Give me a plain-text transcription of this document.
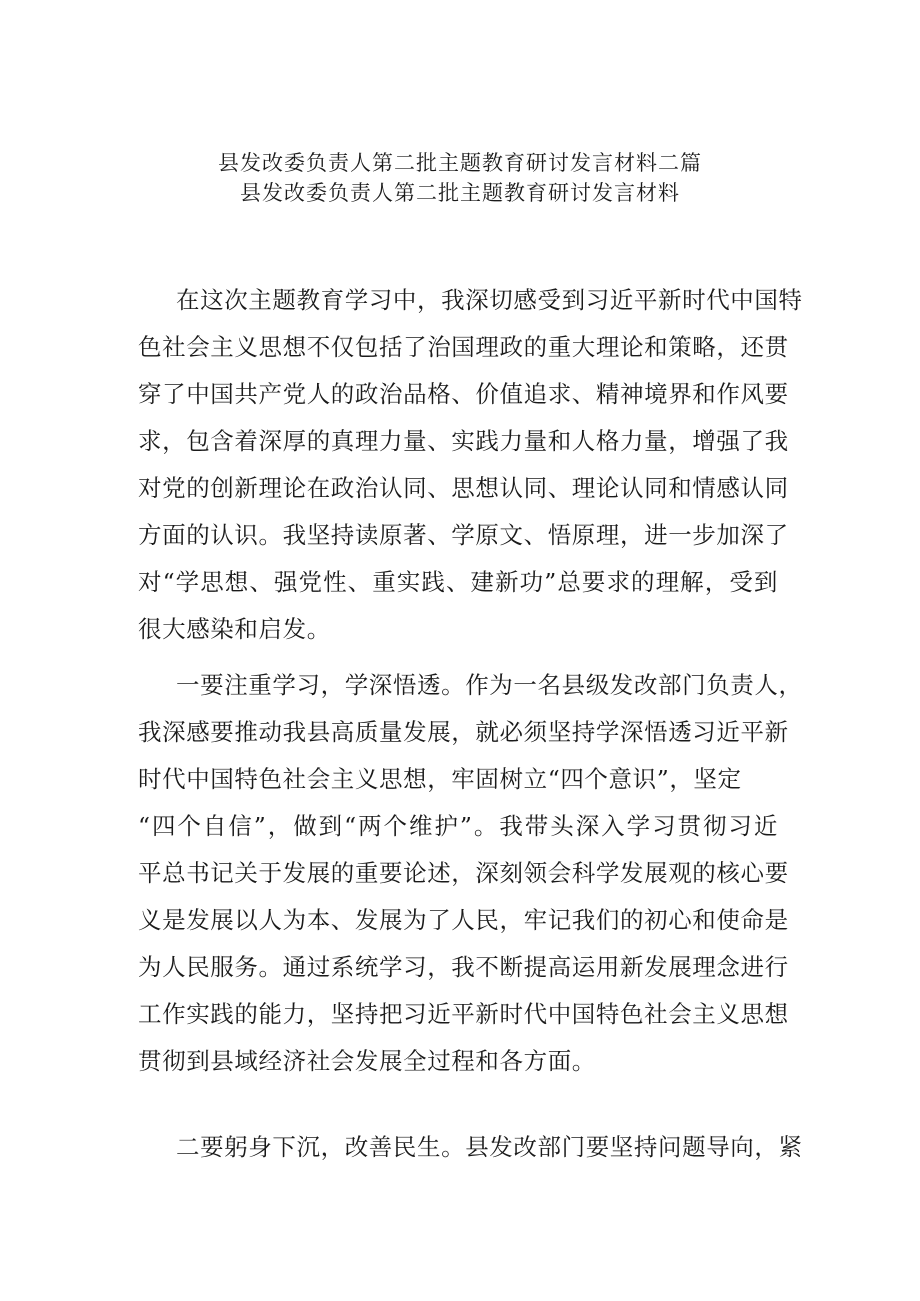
县发改委负责人第二批主题教育研讨发言材料二篇
县发改委负责人第二批主题教育研讨发言材料
在这次主题教育学习中，我深切感受到习近平新时代中国特
色社会主义思想不仅包括了治国理政的重大理论和策略，还贯
穿了中国共产党人的政治品格、价值追求、精神境界和作风要
求，包含着深厚的真理力量、实践力量和人格力量，增强了我
对党的创新理论在政治认同、思想认同、理论认同和情感认同
方面的认识。我坚持读原著、学原文、悟原理，进一步加深了
对“学思想、强党性、重实践、建新功”总要求的理解，受到
很大感染和启发。
一要注重学习，学深悟透。作为一名县级发改部门负责人，
我深感要推动我县高质量发展，就必须坚持学深悟透习近平新
时代中国特色社会主义思想，牢固树立“四个意识”，坚定
“四个自信”，做到“两个维护”。我带头深入学习贯彻习近
平总书记关于发展的重要论述，深刻领会科学发展观的核心要
义是发展以人为本、发展为了人民，牢记我们的初心和使命是
为人民服务。通过系统学习，我不断提高运用新发展理念进行
工作实践的能力，坚持把习近平新时代中国特色社会主义思想
贯彻到县域经济社会发展全过程和各方面。
二要躬身下沉，改善民生。县发改部门要坚持问题导向，紧
